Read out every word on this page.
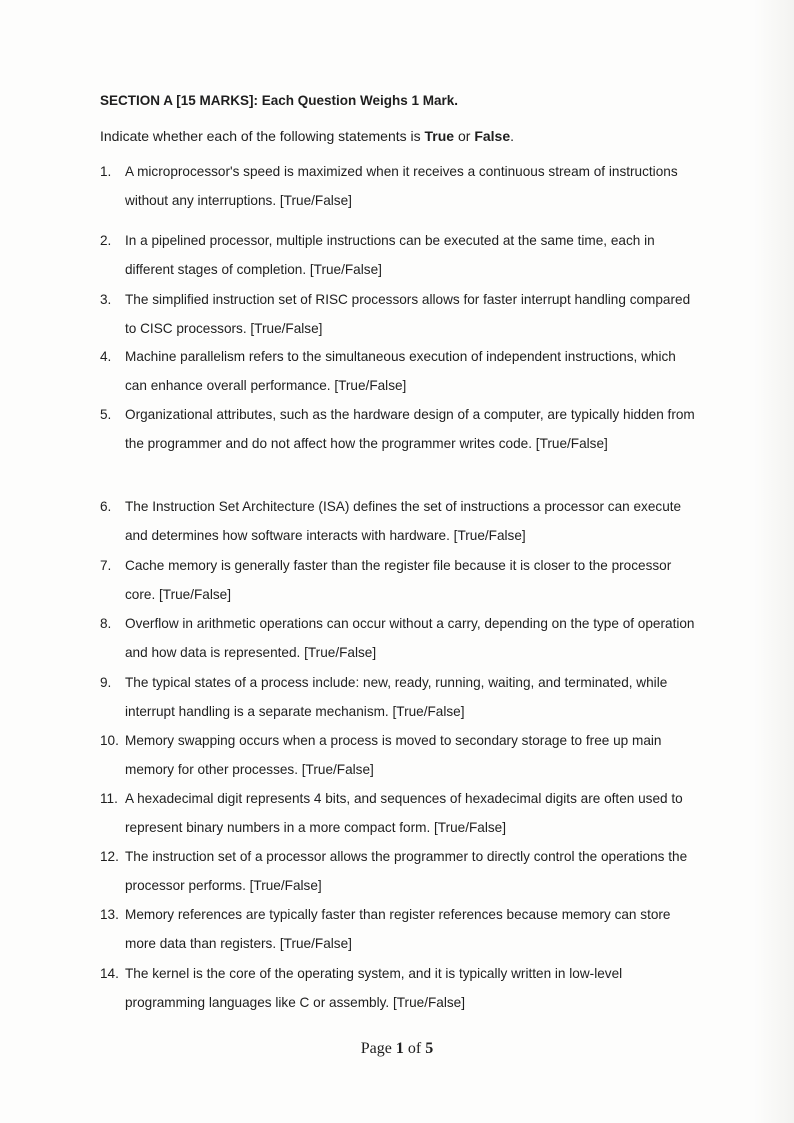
SECTION A [15 MARKS]: Each Question Weighs 1 Mark.
Indicate whether each of the following statements is True or False.
1. A microprocessor's speed is maximized when it receives a continuous stream of instructions without any interruptions. [True/False]
2. In a pipelined processor, multiple instructions can be executed at the same time, each in different stages of completion. [True/False]
3. The simplified instruction set of RISC processors allows for faster interrupt handling compared to CISC processors. [True/False]
4. Machine parallelism refers to the simultaneous execution of independent instructions, which can enhance overall performance. [True/False]
5. Organizational attributes, such as the hardware design of a computer, are typically hidden from the programmer and do not affect how the programmer writes code. [True/False]
6. The Instruction Set Architecture (ISA) defines the set of instructions a processor can execute and determines how software interacts with hardware. [True/False]
7. Cache memory is generally faster than the register file because it is closer to the processor core. [True/False]
8. Overflow in arithmetic operations can occur without a carry, depending on the type of operation and how data is represented. [True/False]
9. The typical states of a process include: new, ready, running, waiting, and terminated, while interrupt handling is a separate mechanism. [True/False]
10. Memory swapping occurs when a process is moved to secondary storage to free up main memory for other processes. [True/False]
11. A hexadecimal digit represents 4 bits, and sequences of hexadecimal digits are often used to represent binary numbers in a more compact form. [True/False]
12. The instruction set of a processor allows the programmer to directly control the operations the processor performs. [True/False]
13. Memory references are typically faster than register references because memory can store more data than registers. [True/False]
14. The kernel is the core of the operating system, and it is typically written in low-level programming languages like C or assembly. [True/False]
Page 1 of 5
